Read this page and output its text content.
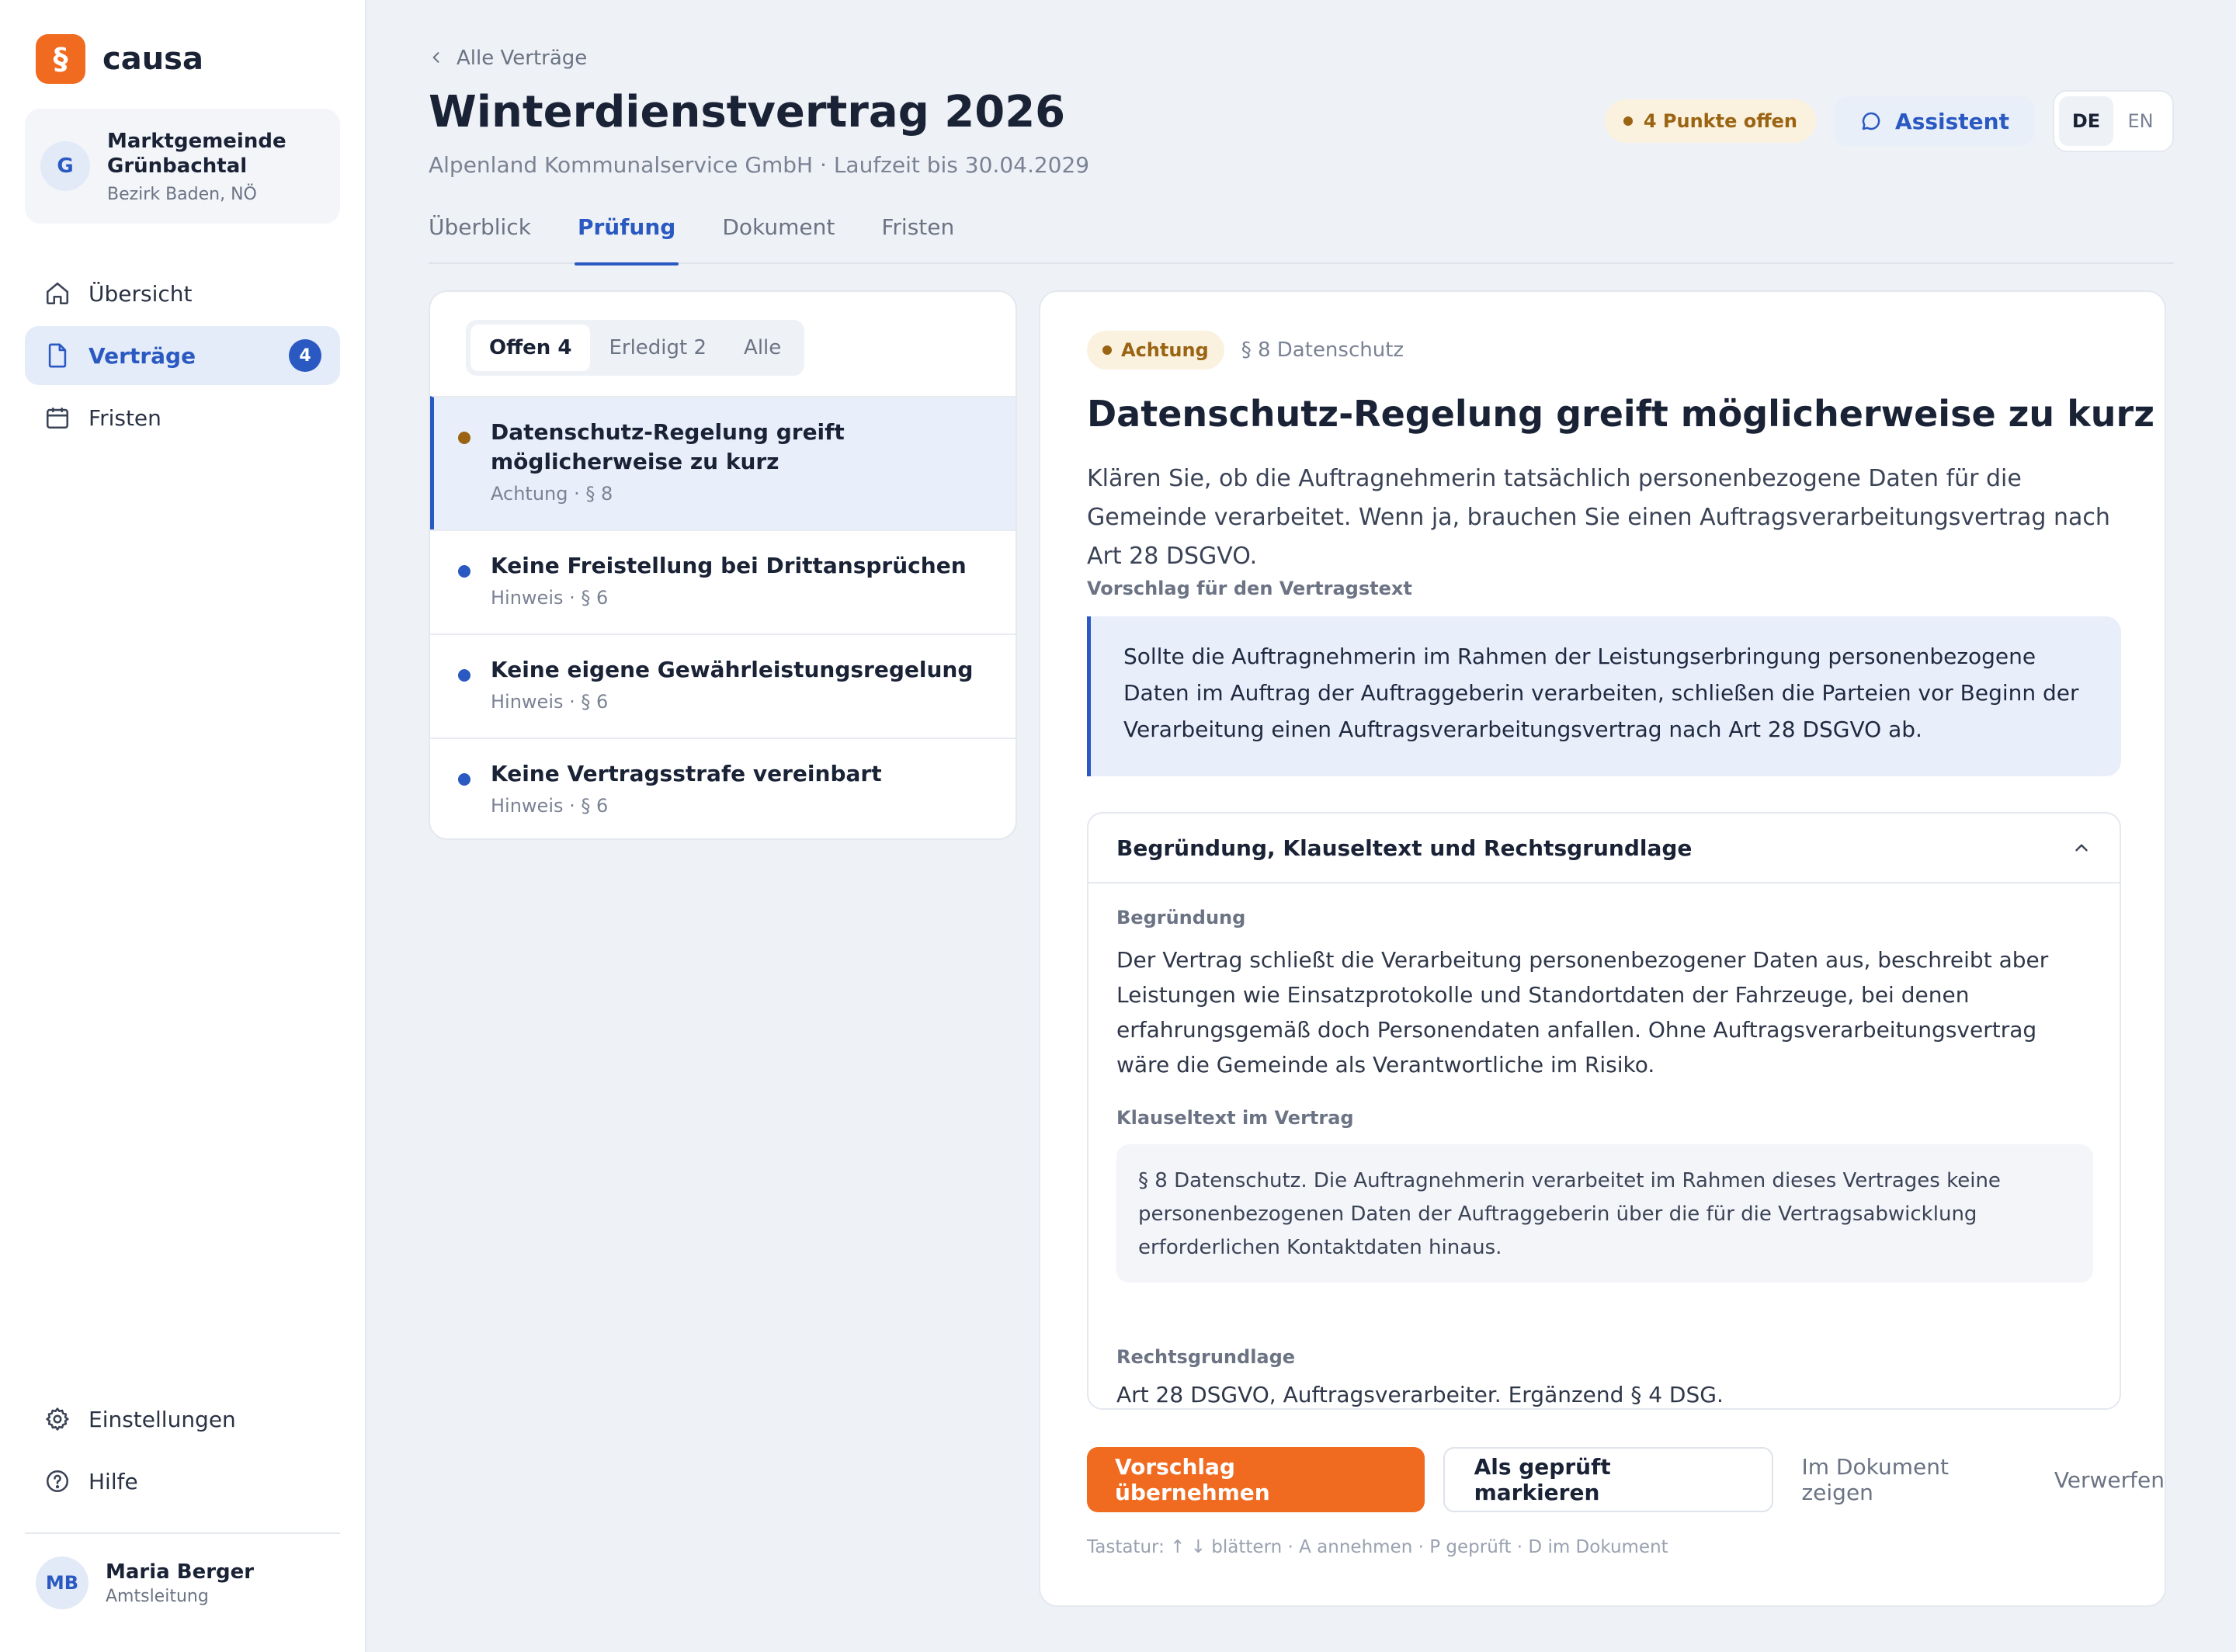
§	causa
G
Marktgemeinde Grünbachtal
Bezirk Baden, NÖ
Übersicht
Verträge	4
Fristen
Einstellungen
Hilfe
MB	Maria Berger
Amtsleitung
Alle Verträge
Winterdienstvertrag 2026
Alpenland Kommunalservice GmbH · Laufzeit bis 30.04.2029
4 Punkte offen	Assistent	DE	EN
Überblick Prüfung Dokument Fristen
Offen 4	Erledigt 2	Alle
Datenschutz-Regelung greift möglicherweise zu kurz
Achtung · § 8
Keine Freistellung bei Drittansprüchen
Hinweis · § 6
Keine eigene Gewährleistungsregelung
Hinweis · § 6
Keine Vertragsstrafe vereinbart
Hinweis · § 6
Achtung § 8 Datenschutz
Datenschutz-Regelung greift möglicherweise zu kurz

Klären Sie, ob die Auftragnehmerin tatsächlich personenbezogene Daten für die Gemeinde verarbeitet. Wenn ja, brauchen Sie einen Auftragsverarbeitungsvertrag nach Art 28 DSGVO.

Vorschlag für den Vertragstext
Sollte die Auftragnehmerin im Rahmen der Leistungserbringung personenbezogene Daten im Auftrag der Auftraggeberin verarbeiten, schließen die Parteien vor Beginn der Verarbeitung einen Auftragsverarbeitungsvertrag nach Art 28 DSGVO ab.
Begründung, Klauseltext und Rechtsgrundlage
Begründung
Der Vertrag schließt die Verarbeitung personenbezogener Daten aus, beschreibt aber Leistungen wie Einsatzprotokolle und Standortdaten der Fahrzeuge, bei denen erfahrungsgemäß doch Personendaten anfallen. Ohne Auftragsverarbeitungsvertrag wäre die Gemeinde als Verantwortliche im Risiko.
Klauseltext im Vertrag
§ 8 Datenschutz. Die Auftragnehmerin verarbeitet im Rahmen dieses Vertrages keine personenbezogenen Daten der Auftraggeberin über die für die Vertragsabwicklung erforderlichen Kontaktdaten hinaus.
Rechtsgrundlage
Art 28 DSGVO, Auftragsverarbeiter. Ergänzend § 4 DSG.
Vorschlag übernehmen
Als geprüft markieren
Im Dokument zeigen	Verwerfen
Tastatur: ↑ ↓ blättern · A annehmen · P geprüft · D im Dokument
